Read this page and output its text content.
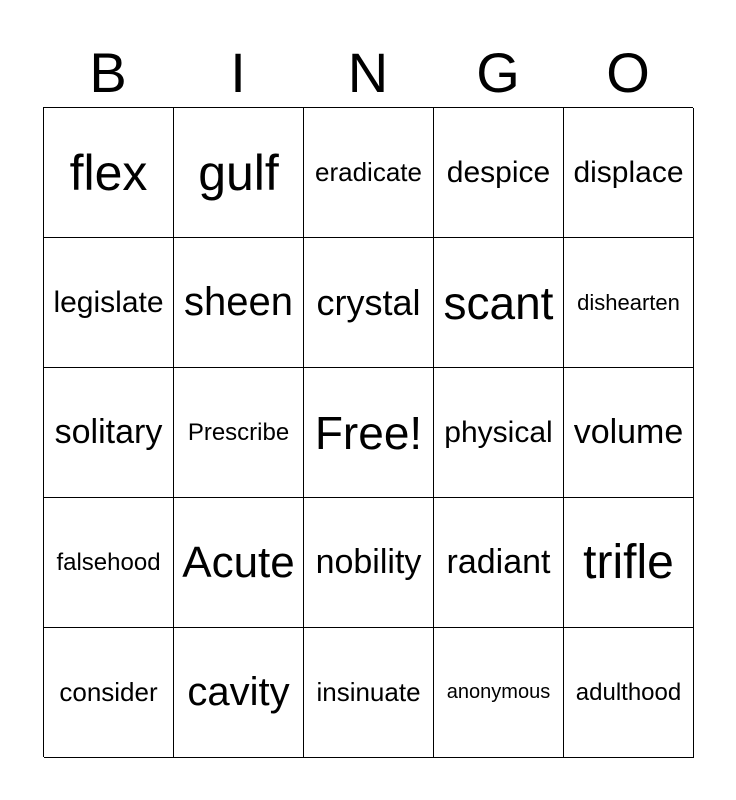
B	I	N	G	O
flex gulf eradicate despice displace
legislate sheen crystal scant dishearten
solitary Prescribe Free! physical volume
falsehood Acute nobility radiant trifle
consider cavity insinuate anonymous adulthood
